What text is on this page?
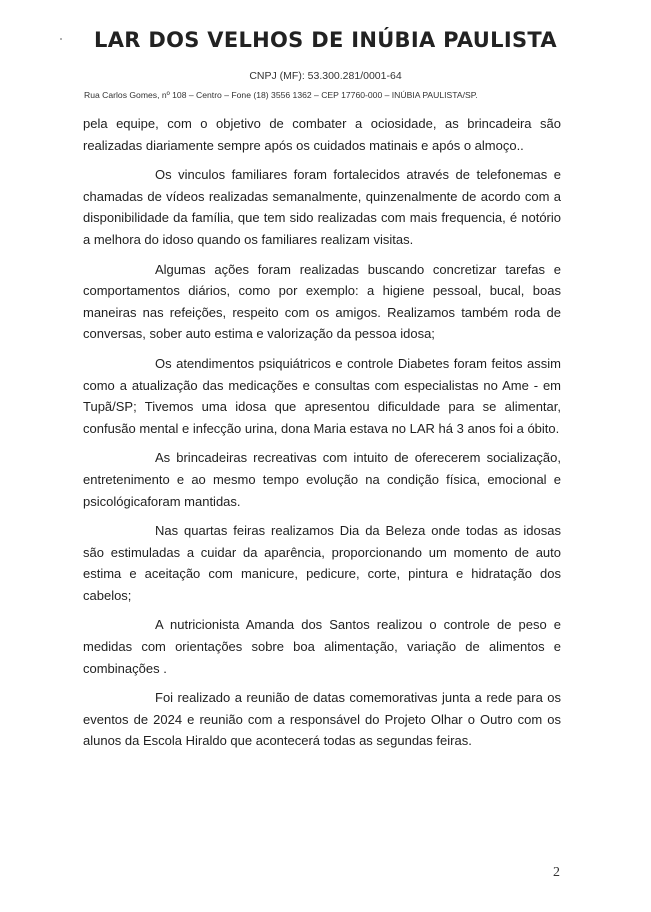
LAR DOS VELHOS DE INÚBIA PAULISTA
CNPJ (MF): 53.300.281/0001-64
Rua Carlos Gomes, nº 108 – Centro – Fone (18) 3556 1362 – CEP 17760-000 – INÚBIA PAULISTA/SP.

pela equipe, com o objetivo de combater a ociosidade, as brincadeira são realizadas diariamente sempre após os cuidados matinais e após o almoço..

Os vinculos familiares foram fortalecidos através de telefonemas e chamadas de vídeos realizadas semanalmente, quinzenalmente de acordo com a disponibilidade da família, que tem sido realizadas com mais frequencia, é notório a melhora do idoso quando os familiares realizam visitas.

Algumas ações foram realizadas buscando concretizar tarefas e comportamentos diários, como por exemplo: a higiene pessoal, bucal, boas maneiras nas refeições, respeito com os amigos. Realizamos também roda de conversas, sober auto estima e valorização da pessoa idosa;

Os atendimentos psiquiátricos e controle Diabetes foram feitos assim como a atualização das medicações e consultas com especialistas no Ame - em Tupã/SP; Tivemos uma idosa que apresentou dificuldade para se alimentar, confusão mental e infecção urina, dona Maria estava no LAR há 3 anos foi a óbito.

As brincadeiras recreativas com intuito de oferecerem socialização, entretenimento e ao mesmo tempo evolução na condição física, emocional e psicológicaforam mantidas.

Nas quartas feiras realizamos Dia da Beleza onde todas as idosas são estimuladas a cuidar da aparência, proporcionando um momento de auto estima e aceitação com manicure, pedicure, corte, pintura e hidratação dos cabelos;

A nutricionista Amanda dos Santos realizou o controle de peso e medidas com orientações sobre boa alimentação, variação de alimentos e combinações .

Foi realizado a reunião de datas comemorativas junta a rede para os eventos de 2024 e reunião com a responsável do Projeto Olhar o Outro com os alunos da Escola Hiraldo que acontecerá todas as segundas feiras.

2
